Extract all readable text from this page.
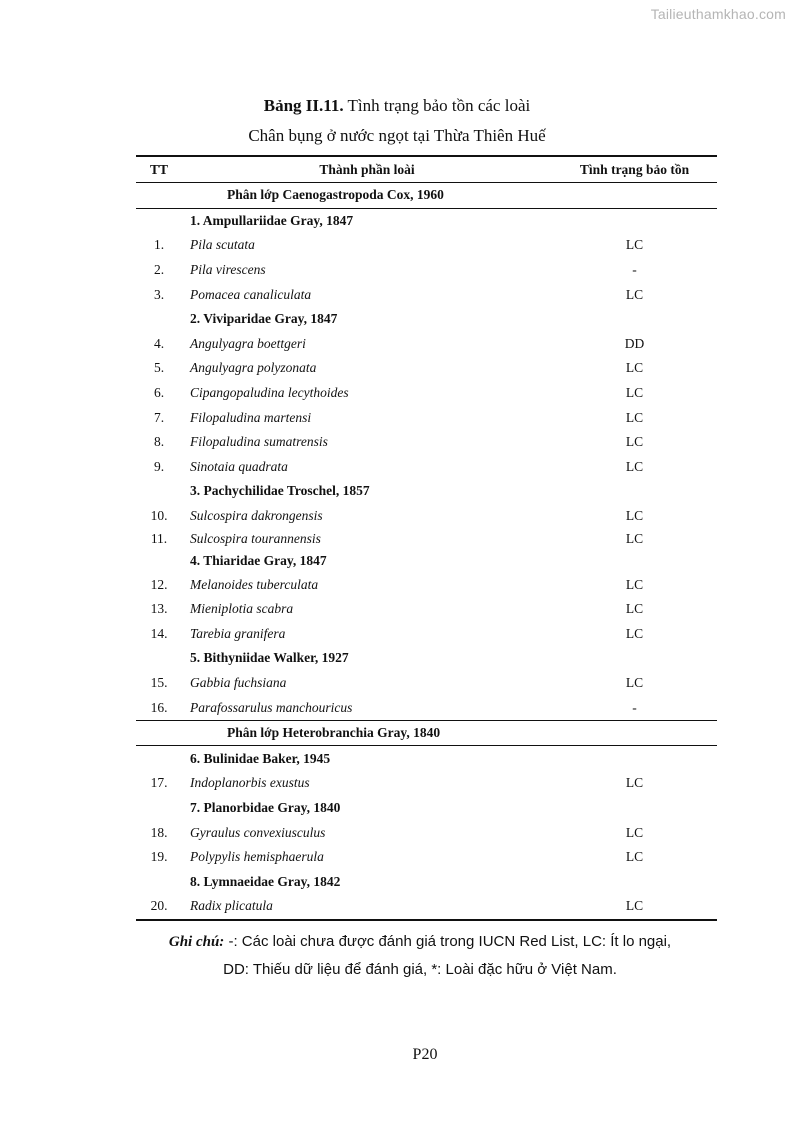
Tailieuthamkhao.com
Bảng II.11. Tình trạng bảo tồn các loài
Chân bụng ở nước ngọt tại Thừa Thiên Huế
TT	Thành phần loài	Tình trạng bảo tồn
Phân lớp Caenogastropoda Cox, 1960
1. Ampullariidae Gray, 1847
1.	Pila scutata	LC
2.	Pila virescens	-
3.	Pomacea canaliculata	LC
2. Viviparidae Gray, 1847
4.	Angulyagra boettgeri	DD
5.	Angulyagra polyzonata	LC
6.	Cipangopaludina lecythoides	LC
7.	Filopaludina martensi	LC
8.	Filopaludina sumatrensis	LC
9.	Sinotaia quadrata	LC
3. Pachychilidae Troschel, 1857
10.	Sulcospira dakrongensis	LC
11.	Sulcospira tourannensis	LC
4. Thiaridae Gray, 1847
12.	Melanoides tuberculata	LC
13.	Mieniplotia scabra	LC
14.	Tarebia granifera	LC
5. Bithyniidae Walker, 1927
15.	Gabbia fuchsiana	LC
16.	Parafossarulus manchouricus	-
Phân lớp Heterobranchia Gray, 1840
6. Bulinidae Baker, 1945
17.	Indoplanorbis exustus	LC
7. Planorbidae Gray, 1840
18.	Gyraulus convexiusculus	LC
19.	Polypylis hemisphaerula	LC
8. Lymnaeidae Gray, 1842
20.	Radix plicatula	LC
Ghi chú: -: Các loài chưa được đánh giá trong IUCN Red List, LC: Ít lo ngại,
DD: Thiếu dữ liệu để đánh giá, *: Loài đặc hữu ở Việt Nam.
P20
